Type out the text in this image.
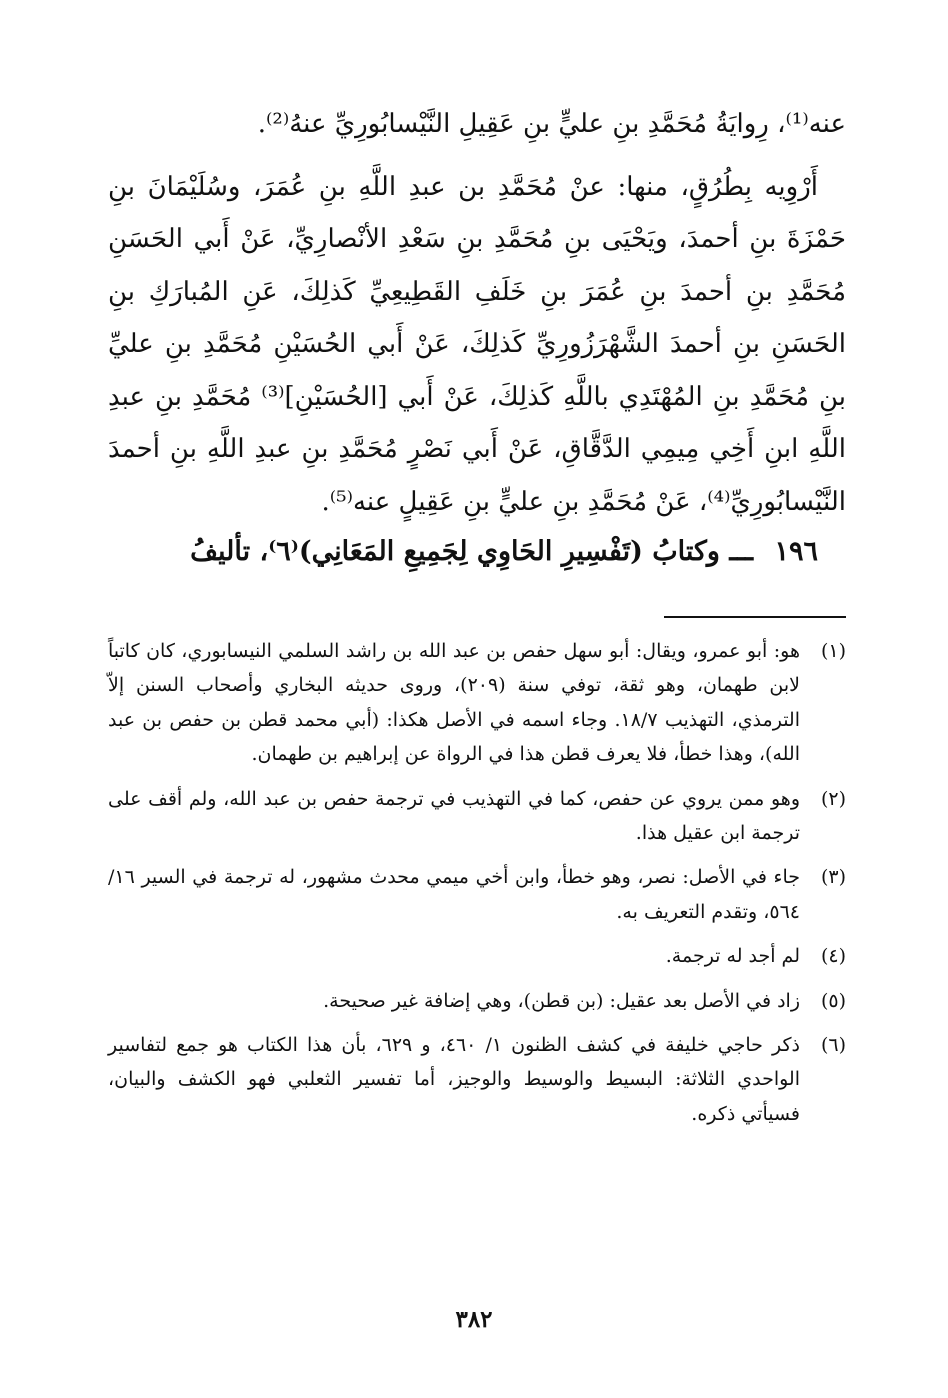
عنه⁽¹⁾، رِوايَةُ مُحَمَّدِ بنِ عليٍّ بنِ عَقِيلِ النَّيْسابُورِيِّ عنهُ⁽²⁾.

أَرْوِيه بِطُرُقٍ، منها: عنْ مُحَمَّدِ بن عبدِ اللَّهِ بنِ عُمَرَ، وسُلَيْمَانَ بنِ حَمْزَةَ بنِ أحمدَ، ويَحْيَى بنِ مُحَمَّدِ بنِ سَعْدِ الأنْصارِيِّ، عَنْ أَبي الحَسَنِ مُحَمَّدِ بنِ أحمدَ بنِ عُمَرَ بنِ خَلَفِ القَطِيعِيِّ كَذلِكَ، عَنِ المُبارَكِ بنِ الحَسَنِ بنِ أحمدَ الشَّهْرَزُورِيِّ كَذلِكَ، عَنْ أَبي الحُسَيْنِ مُحَمَّدِ بنِ عليِّ بنِ مُحَمَّدِ بنِ المُهْتَدِي باللَّهِ كَذلِكَ، عَنْ أَبي [الحُسَيْنِ]⁽³⁾ مُحَمَّدِ بنِ عبدِ اللَّهِ ابنِ أَخِي مِيمِي الدَّقَّاقِ، عَنْ أَبي نَصْرٍ مُحَمَّدِ بنِ عبدِ اللَّهِ بنِ أحمدَ النَّيْسابُورِيِّ⁽⁴⁾، عَنْ مُحَمَّدِ بنِ عليٍّ بنِ عَقِيلٍ عنه⁽⁵⁾.

١٩٦ ـــ وكتابُ (تَفْسِيرِ الحَاوِي لِجَمِيعِ المَعَانِي)⁽٦⁾، تأليفُ

(١)
هو: أبو عمرو، ويقال: أبو سهل حفص بن عبد الله بن راشد السلمي النيسابوري، كان كاتباً لابن طهمان، وهو ثقة، توفي سنة (٢٠٩)، وروى حديثه البخاري وأصحاب السنن إلاّ الترمذي، التهذيب ١٨/٧. وجاء اسمه في الأصل هكذا: (أبي محمد قطن بن حفص بن عبد الله)، وهذا خطأ، فلا يعرف قطن هذا في الرواة عن إبراهيم بن طهمان.
(٢)
وهو ممن يروي عن حفص، كما في التهذيب في ترجمة حفص بن عبد الله، ولم أقف على ترجمة ابن عقيل هذا.
(٣)
جاء في الأصل: نصر، وهو خطأ، وابن أخي ميمي محدث مشهور، له ترجمة في السير ١٦/ ٥٦٤، وتقدم التعريف به.
(٤)
لم أجد له ترجمة.
(٥)
زاد في الأصل بعد عقيل: (بن قطن)، وهي إضافة غير صحيحة.
(٦)
ذكر حاجي خليفة في كشف الظنون ١/ ٤٦٠، و ٦٢٩، بأن هذا الكتاب هو جمع لتفاسير الواحدي الثلاثة: البسيط والوسيط والوجيز، أما تفسير الثعلبي فهو الكشف والبيان، فسيأتي ذكره.
٣٨٢
